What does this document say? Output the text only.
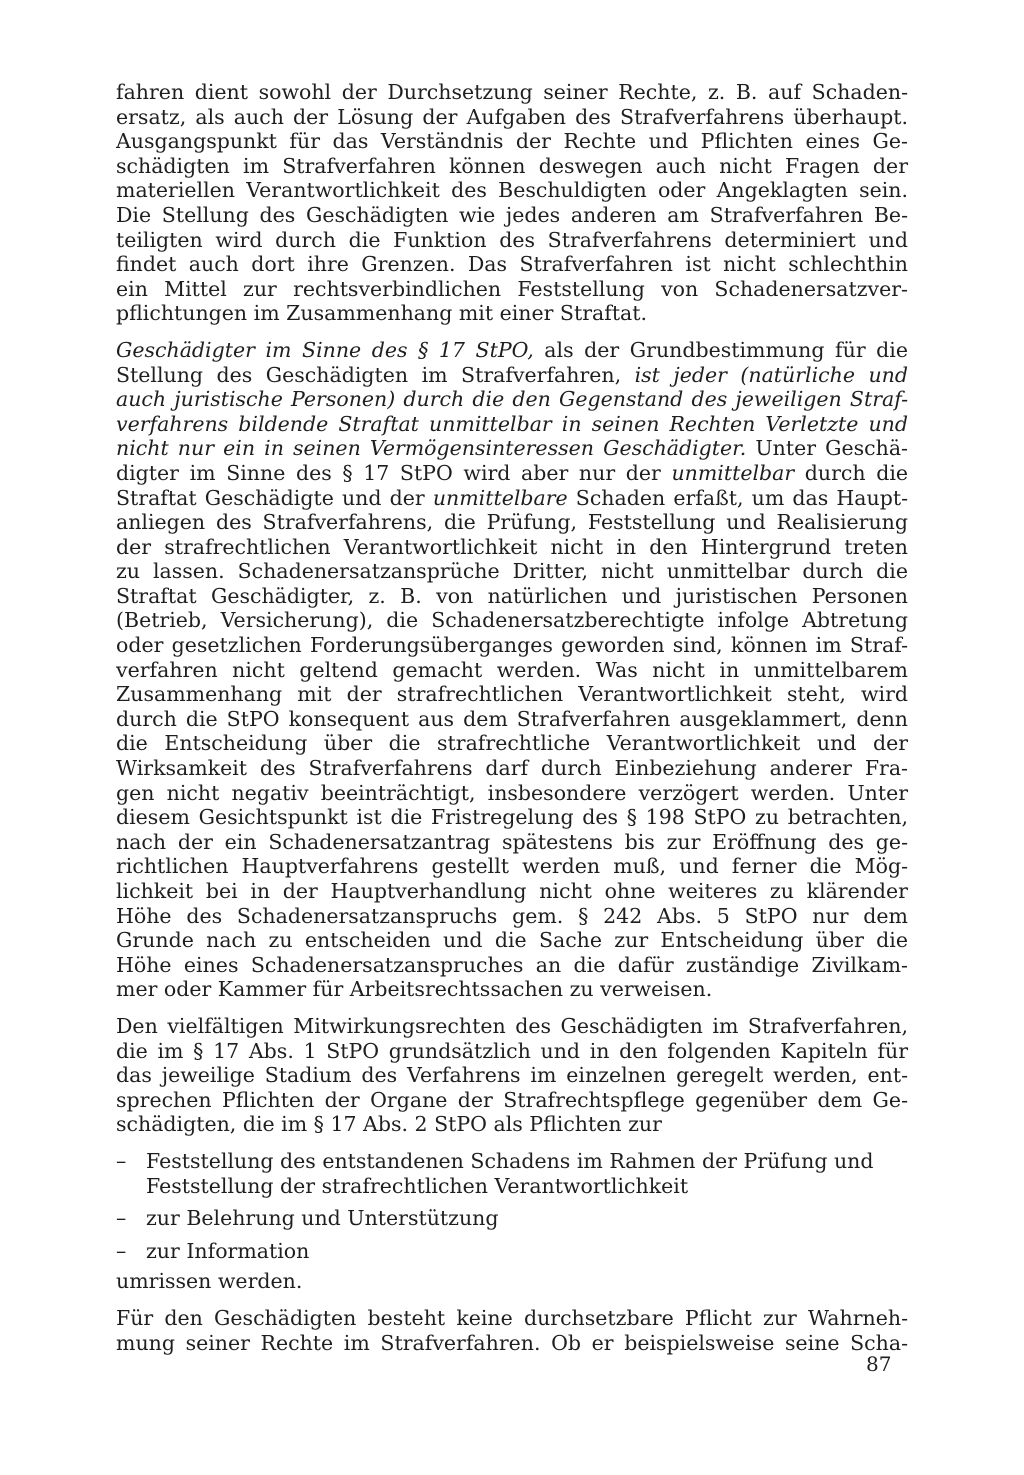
fahren dient sowohl der Durchsetzung seiner Rechte, z. B. auf Schaden-
ersatz, als auch der Lösung der Aufgaben des Strafverfahrens überhaupt.
Ausgangspunkt für das Verständnis der Rechte und Pflichten eines Ge-
schädigten im Strafverfahren können deswegen auch nicht Fragen der
materiellen Verantwortlichkeit des Beschuldigten oder Angeklagten sein.
Die Stellung des Geschädigten wie jedes anderen am Strafverfahren Be-
teiligten wird durch die Funktion des Strafverfahrens determiniert und
findet auch dort ihre Grenzen. Das Strafverfahren ist nicht schlechthin
ein Mittel zur rechtsverbindlichen Feststellung von Schadenersatzver-
pflichtungen im Zusammenhang mit einer Straftat.

Geschädigter im Sinne des § 17 StPO, als der Grundbestimmung für die
Stellung des Geschädigten im Strafverfahren, ist jeder (natürliche und
auch juristische Personen) durch die den Gegenstand des jeweiligen Straf-
verfahrens bildende Straftat unmittelbar in seinen Rechten Verletzte und
nicht nur ein in seinen Vermögensinteressen Geschädigter. Unter Geschä-
digter im Sinne des § 17 StPO wird aber nur der unmittelbar durch die
Straftat Geschädigte und der unmittelbare Schaden erfaßt, um das Haupt-
anliegen des Strafverfahrens, die Prüfung, Feststellung und Realisierung
der strafrechtlichen Verantwortlichkeit nicht in den Hintergrund treten
zu lassen. Schadenersatzansprüche Dritter, nicht unmittelbar durch die
Straftat Geschädigter, z. B. von natürlichen und juristischen Personen
(Betrieb, Versicherung), die Schadenersatzberechtigte infolge Abtretung
oder gesetzlichen Forderungsüberganges geworden sind, können im Straf-
verfahren nicht geltend gemacht werden. Was nicht in unmittelbarem
Zusammenhang mit der strafrechtlichen Verantwortlichkeit steht, wird
durch die StPO konsequent aus dem Strafverfahren ausgeklammert, denn
die Entscheidung über die strafrechtliche Verantwortlichkeit und der
Wirksamkeit des Strafverfahrens darf durch Einbeziehung anderer Fra-
gen nicht negativ beeinträchtigt, insbesondere verzögert werden. Unter
diesem Gesichtspunkt ist die Fristregelung des § 198 StPO zu betrachten,
nach der ein Schadenersatzantrag spätestens bis zur Eröffnung des ge-
richtlichen Hauptverfahrens gestellt werden muß, und ferner die Mög-
lichkeit bei in der Hauptverhandlung nicht ohne weiteres zu klärender
Höhe des Schadenersatzanspruchs gem. § 242 Abs. 5 StPO nur dem
Grunde nach zu entscheiden und die Sache zur Entscheidung über die
Höhe eines Schadenersatzanspruches an die dafür zuständige Zivilkam-
mer oder Kammer für Arbeitsrechtssachen zu verweisen.

Den vielfältigen Mitwirkungsrechten des Geschädigten im Strafverfahren,
die im § 17 Abs. 1 StPO grundsätzlich und in den folgenden Kapiteln für
das jeweilige Stadium des Verfahrens im einzelnen geregelt werden, ent-
sprechen Pflichten der Organe der Strafrechtspflege gegenüber dem Ge-
schädigten, die im § 17 Abs. 2 StPO als Pflichten zur

– Feststellung des entstandenen Schadens im Rahmen der Prüfung und
Feststellung der strafrechtlichen Verantwortlichkeit
– zur Belehrung und Unterstützung
– zur Information

umrissen werden.

Für den Geschädigten besteht keine durchsetzbare Pflicht zur Wahrneh-
mung seiner Rechte im Strafverfahren. Ob er beispielsweise seine Scha-

87
